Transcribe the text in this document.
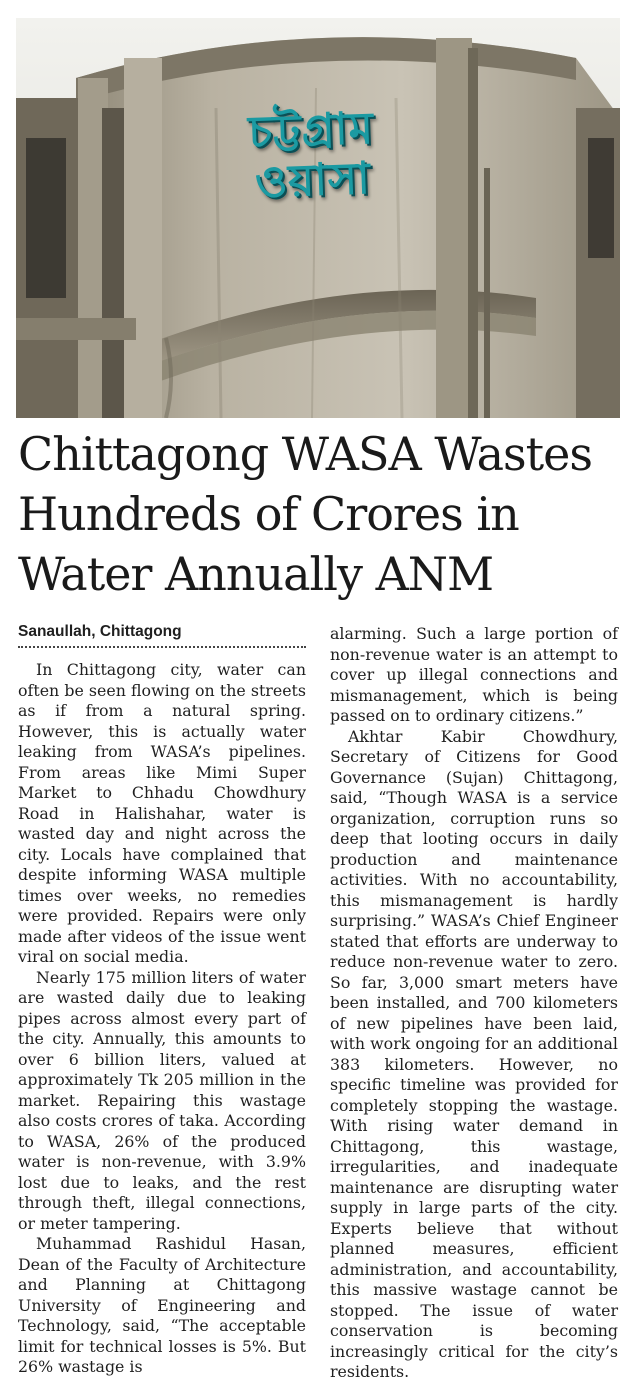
চট্টগ্রাম
ওয়াসা
Chittagong WASA Wastes
Hundreds of Crores in
Water Annually ANM
Sanaullah, Chittagong

In Chittagong city, water can often be seen flowing on the streets as if from a natural spring. However, this is actually water leaking from WASA’s pipelines. From areas like Mimi Super Market to Chhadu Chowdhury Road in Halishahar, water is wasted day and night across the city. Locals have complained that despite informing WASA multiple times over weeks, no remedies were provided. Repairs were only made after videos of the issue went viral on social media.

Nearly 175 million liters of water are wasted daily due to leaking pipes across almost every part of the city. Annually, this amounts to over 6 billion liters, valued at approximately Tk 205 million in the market. Repairing this wastage also costs crores of taka. According to WASA, 26% of the produced water is non-revenue, with 3.9% lost due to leaks, and the rest through theft, illegal connections, or meter tampering.

Muhammad Rashidul Hasan, Dean of the Faculty of Architecture and Planning at Chittagong University of Engineering and Technology, said, “The acceptable limit for technical losses is 5%. But 26% wastage is

alarming. Such a large portion of non-revenue water is an attempt to cover up illegal connections and mismanagement, which is being passed on to ordinary citizens.”

Akhtar Kabir Chowdhury, Secretary of Citizens for Good Governance (Sujan) Chittagong, said, “Though WASA is a service organization, corruption runs so deep that looting occurs in daily production and maintenance activities. With no accountability, this mismanagement is hardly surprising.” WASA’s Chief Engineer stated that efforts are underway to reduce non-revenue water to zero. So far, 3,000 smart meters have been installed, and 700 kilometers of new pipelines have been laid, with work ongoing for an additional 383 kilometers. However, no specific timeline was provided for completely stopping the wastage. With rising water demand in Chittagong, this wastage, irregularities, and inadequate maintenance are disrupting water supply in large parts of the city. Experts believe that without planned measures, efficient administration, and accountability, this massive wastage cannot be stopped. The issue of water conservation is becoming increasingly critical for the city’s residents.
